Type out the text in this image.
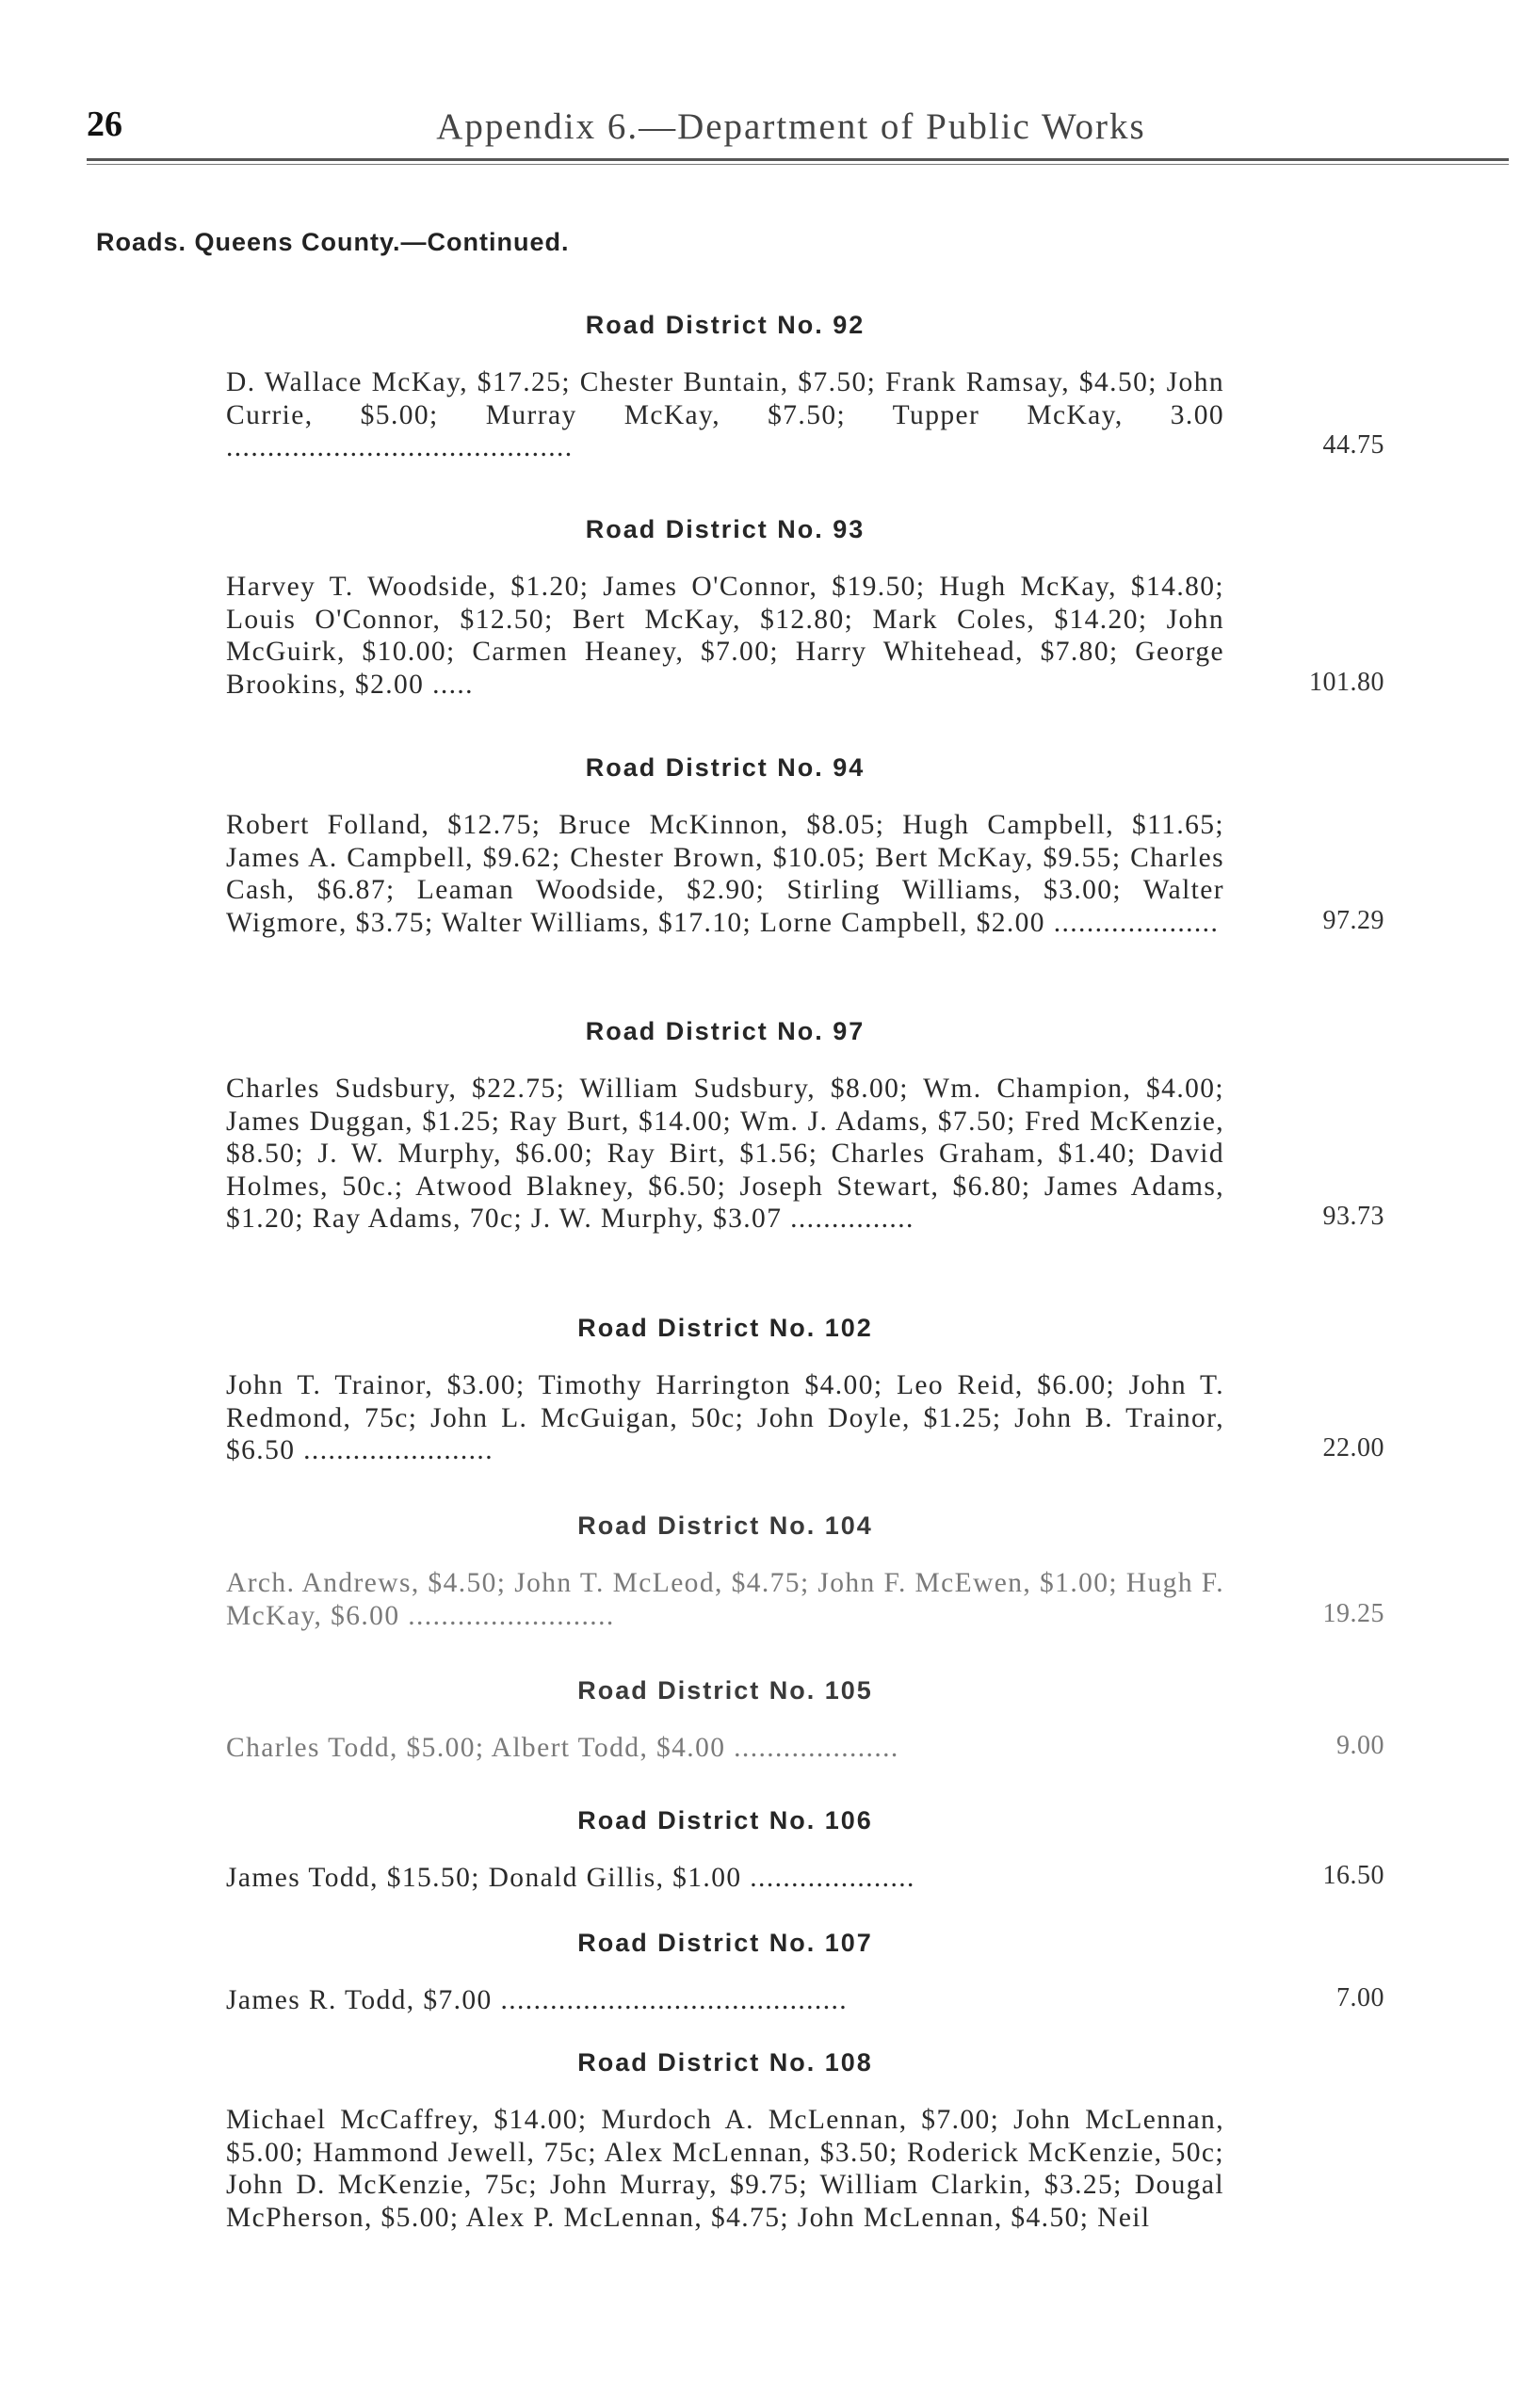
26	Appendix 6.—Department of Public Works
Roads. Queens County.—Continued.
Road District No. 92
D. Wallace McKay, $17.25; Chester Buntain, $7.50; Frank Ramsay, $4.50; John Currie, $5.00; Murray McKay, $7.50; Tupper McKay, 3.00 ..........................................	44.75
Road District No. 93
Harvey T. Woodside, $1.20; James O'Connor, $19.50; Hugh McKay, $14.80; Louis O'Connor, $12.50; Bert McKay, $12.80; Mark Coles, $14.20; John McGuirk, $10.00; Carmen Heaney, $7.00; Harry Whitehead, $7.80; George Brookins, $2.00 .....	101.80
Road District No. 94
Robert Folland, $12.75; Bruce McKinnon, $8.05; Hugh Campbell, $11.65; James A. Campbell, $9.62; Chester Brown, $10.05; Bert McKay, $9.55; Charles Cash, $6.87; Leaman Woodside, $2.90; Stirling Williams, $3.00; Walter Wigmore, $3.75; Walter Williams, $17.10; Lorne Campbell, $2.00 ....................	97.29
Road District No. 97
Charles Sudsbury, $22.75; William Sudsbury, $8.00; Wm. Champion, $4.00; James Duggan, $1.25; Ray Burt, $14.00; Wm. J. Adams, $7.50; Fred McKenzie, $8.50; J. W. Murphy, $6.00; Ray Birt, $1.56; Charles Graham, $1.40; David Holmes, 50c.; Atwood Blakney, $6.50; Joseph Stewart, $6.80; James Adams, $1.20; Ray Adams, 70c; J. W. Murphy, $3.07 ...............	93.73
Road District No. 102
John T. Trainor, $3.00; Timothy Harrington $4.00; Leo Reid, $6.00; John T. Redmond, 75c; John L. McGuigan, 50c; John Doyle, $1.25; John B. Trainor, $6.50 .......................	22.00
Road District No. 104
Arch. Andrews, $4.50; John T. McLeod, $4.75; John F. McEwen, $1.00; Hugh F. McKay, $6.00 .........................	19.25
Road District No. 105
Charles Todd, $5.00; Albert Todd, $4.00 ....................	9.00
Road District No. 106
James Todd, $15.50; Donald Gillis, $1.00 ....................	16.50
Road District No. 107
James R. Todd, $7.00 ..........................................	7.00
Road District No. 108
Michael McCaffrey, $14.00; Murdoch A. McLennan, $7.00; John McLennan, $5.00; Hammond Jewell, 75c; Alex McLennan, $3.50; Roderick McKenzie, 50c; John D. McKenzie, 75c; John Murray, $9.75; William Clarkin, $3.25; Dougal McPherson, $5.00; Alex P. McLennan, $4.75; John McLennan, $4.50; Neil
